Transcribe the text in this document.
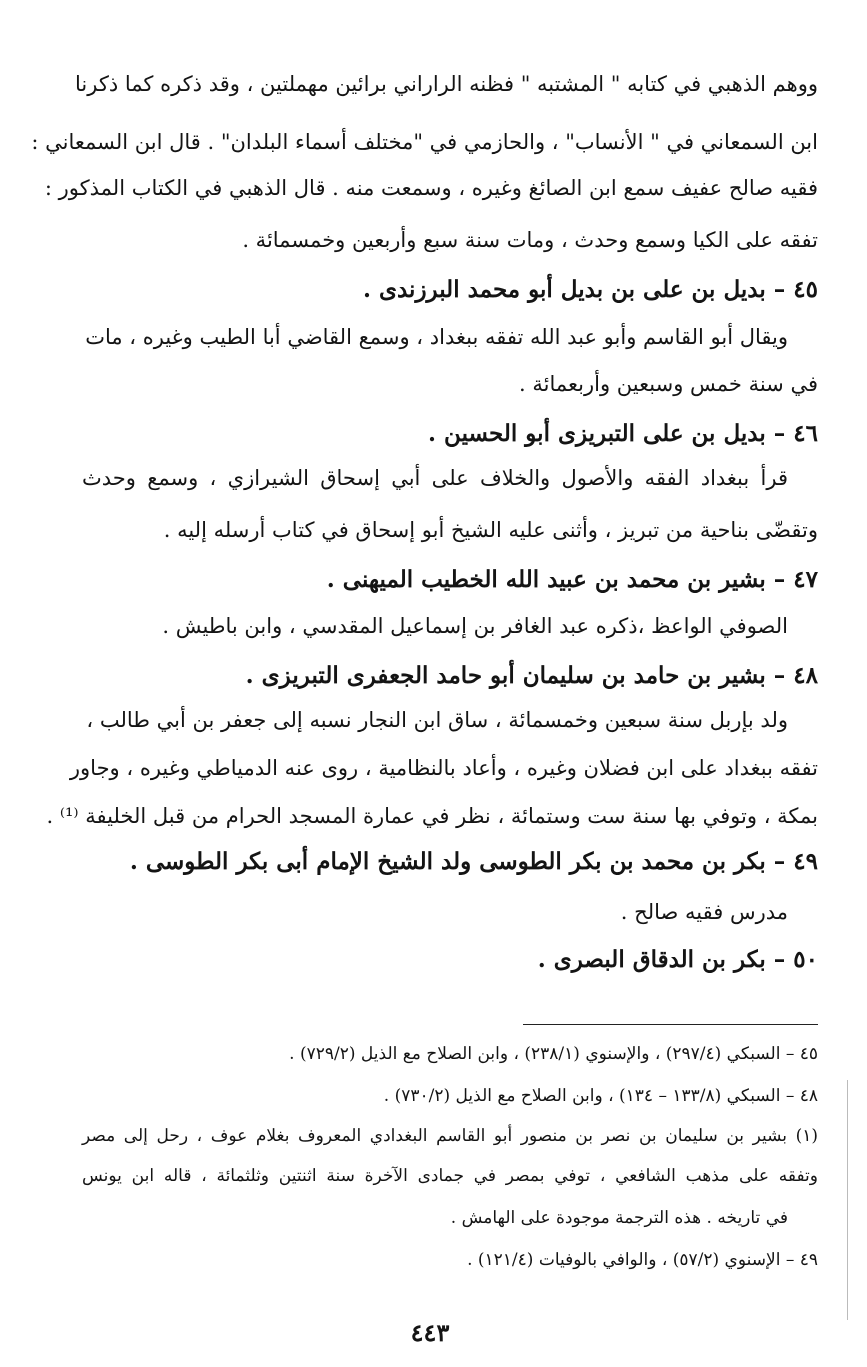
ووهم الذهبي في كتابه " المشتبه " فظنه الراراني برائين مهملتين ، وقد ذكره كما ذكرنا
ابن السمعاني في " الأنساب" ، والحازمي في "مختلف أسماء البلدان" . قال ابن السمعاني :
فقيه صالح عفيف سمع ابن الصائغ وغيره ، وسمعت منه . قال الذهبي في الكتاب المذكور :
تفقه على الكيا وسمع وحدث ، ومات سنة سبع وأربعين وخمسمائة .
٤٥ – بديل بن على بن بديل أبو محمد البرزندى .
ويقال أبو القاسم وأبو عبد الله تفقه ببغداد ، وسمع القاضي أبا الطيب وغيره ، مات
في سنة خمس وسبعين وأربعمائة .
٤٦ – بديل بن على التبريزى أبو الحسين .
قرأ ببغداد الفقه والأصول والخلاف على أبي إسحاق الشيرازي ، وسمع وحدث
وتقضّى بناحية من تبريز ، وأثنى عليه الشيخ أبو إسحاق في كتاب أرسله إليه .
٤٧ – بشير بن محمد بن عبيد الله الخطيب الميهنى .
الصوفي الواعظ ،ذكره عبد الغافر بن إسماعيل المقدسي ، وابن باطيش .
٤٨ – بشير بن حامد بن سليمان أبو حامد الجعفرى التبريزى .
ولد بإربل سنة سبعين وخمسمائة ، ساق ابن النجار نسبه إلى جعفر بن أبي طالب ،
تفقه ببغداد على ابن فضلان وغيره ، وأعاد بالنظامية ، روى عنه الدمياطي وغيره ، وجاور
بمكة ، وتوفي بها سنة ست وستمائة ، نظر في عمارة المسجد الحرام من قبل الخليفة ⁽¹⁾ .
٤٩ – بكر بن محمد بن بكر الطوسى ولد الشيخ الإمام أبى بكر الطوسى .
مدرس فقيه صالح .
٥٠ – بكر بن الدقاق البصرى .
٤٥ – السبكي (٢٩٧/٤) ، والإسنوي (٢٣٨/١) ، وابن الصلاح مع الذيل (٧٢٩/٢) .
٤٨ – السبكي (١٣٣/٨ – ١٣٤) ، وابن الصلاح مع الذيل (٧٣٠/٢) .
(١) بشير بن سليمان بن نصر بن منصور أبو القاسم البغدادي المعروف بغلام عوف ، رحل إلى مصر
وتفقه على مذهب الشافعي ، توفي بمصر في جمادى الآخرة سنة اثنتين وثلثمائة ، قاله ابن يونس
في تاريخه . هذه الترجمة موجودة على الهامش .
٤٩ – الإسنوي (٥٧/٢) ، والوافي بالوفيات (١٢١/٤) .
٤٤٣
